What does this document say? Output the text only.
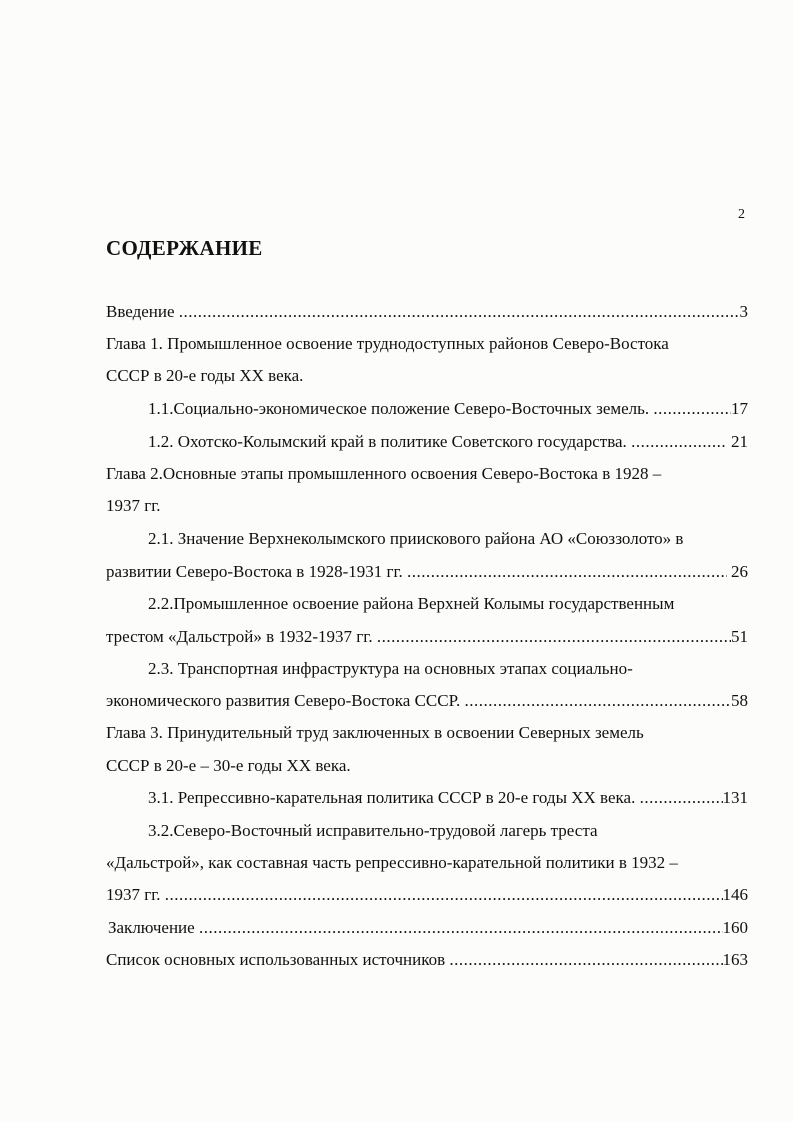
2
СОДЕРЖАНИЕ
Введение .....	3
Глава 1. Промышленное освоение труднодоступных районов Северо-Востока
СССР в 20-е годы XX века.
1.1.Социально-экономическое положение Северо-Восточных земель. .....	17
1.2. Охотско-Колымский край в политике Советского государства. .....	21
Глава 2.Основные этапы промышленного освоения Северо-Востока в 1928 –
1937 гг.
2.1. Значение Верхнеколымского приискового района АО «Союззолото» в
развитии Северо-Востока в 1928-1931 гг. .....	26
2.2.Промышленное освоение района Верхней Колымы государственным
трестом «Дальстрой» в 1932-1937 гг. .....	51
2.3. Транспортная инфраструктура на основных этапах социально-
экономического развития Северо-Востока СССР. .....	58
Глава 3. Принудительный труд заключенных в освоении Северных земель
СССР в 20-е – 30-е годы XX века.
3.1. Репрессивно-карательная политика СССР в 20-е годы XX века. .....	131
3.2.Северо-Восточный исправительно-трудовой лагерь треста
«Дальстрой», как составная часть репрессивно-карательной политики в 1932 –
1937 гг. .....	146
Заключение .....	160
Список основных использованных источников .....	163
